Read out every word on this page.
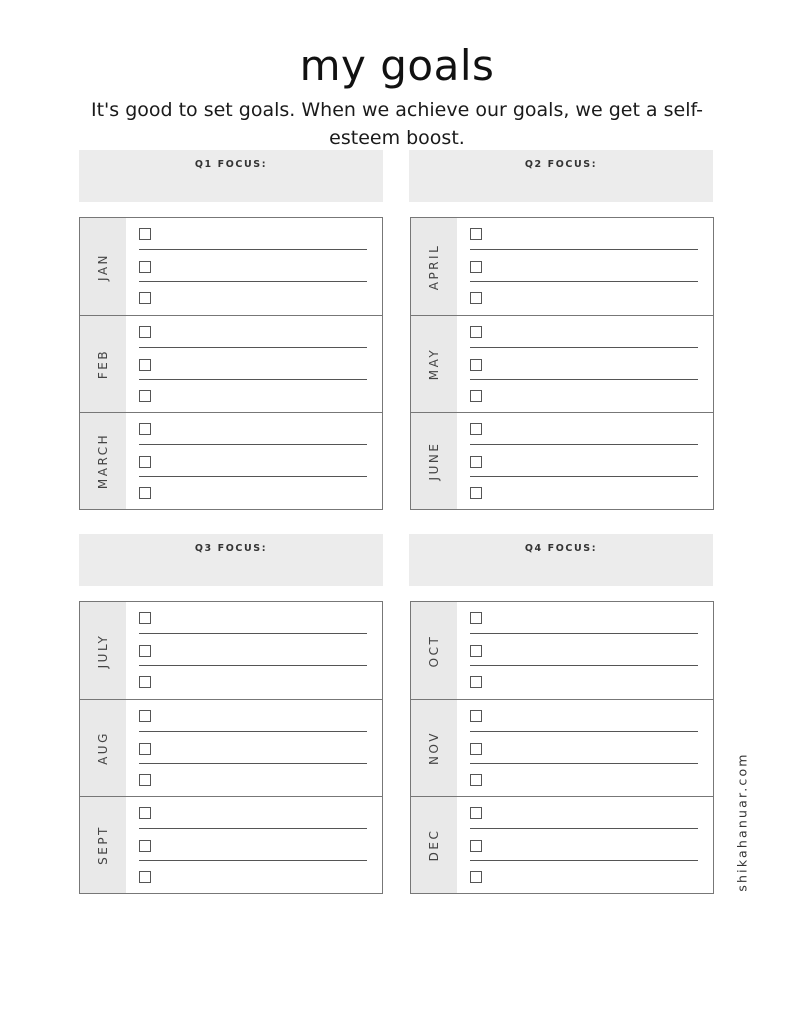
my goals

It's good to set goals. When we achieve our goals, we get a self-esteem boost.

Q1 FOCUS:
JAN
FEB
MARCH
Q2 FOCUS:
APRIL
MAY
JUNE
Q3 FOCUS:
JULY
AUG
SEPT
Q4 FOCUS:
OCT
NOV
DEC	shikahanuar.com
